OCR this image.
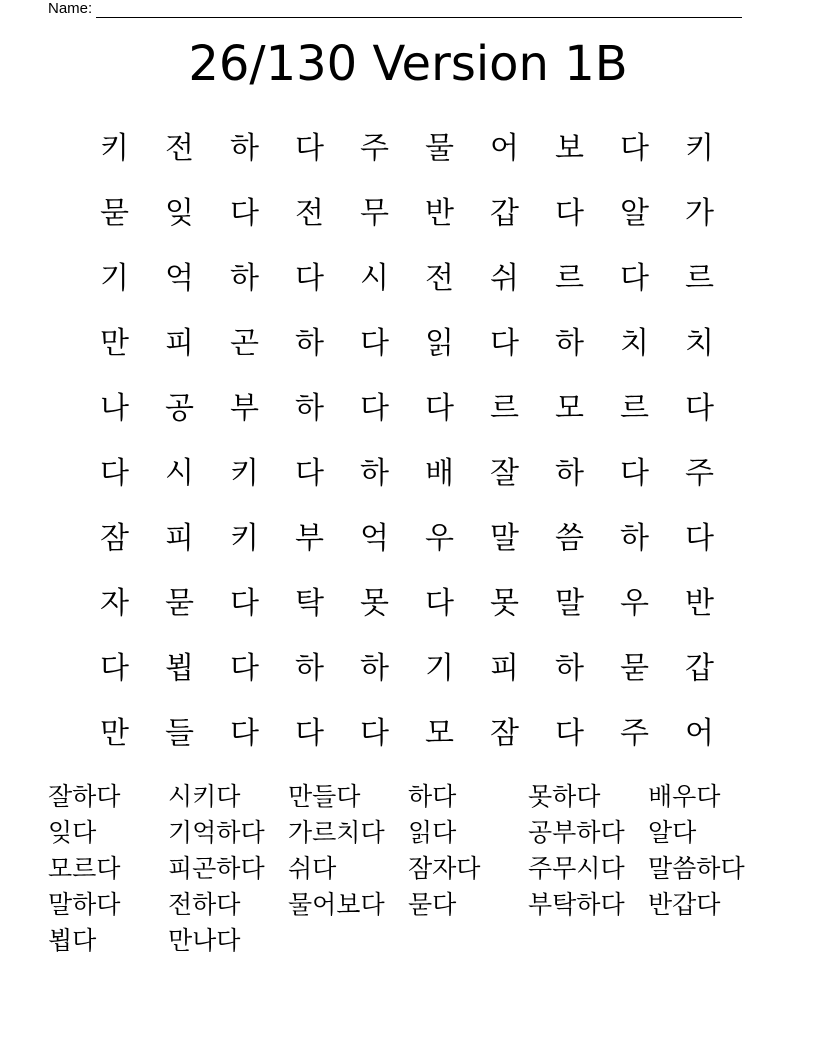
Name:
26/130 Version 1B
키	전	하	다	주	물	어	보	다	키
묻	잊	다	전	무	반	갑	다	알	가
기	억	하	다	시	전	쉬	르	다	르
만	피	곤	하	다	읽	다	하	치	치
나	공	부	하	다	다	르	모	르	다
다	시	키	다	하	배	잘	하	다	주
잠	피	키	부	억	우	말	씀	하	다
자	묻	다	탁	못	다	못	말	우	반
다	뵙	다	하	하	기	피	하	묻	갑
만	들	다	다	다	모	잠	다	주	어
잘하다	시키다	만들다	하다	못하다	배우다
잊다	기억하다 가르치다 읽다	공부하다 알다
모르다	피곤하다 쉬다	잠자다	주무시다 말씀하다
말하다	전하다	물어보다 묻다	부탁하다 반갑다
뵙다	만나다
